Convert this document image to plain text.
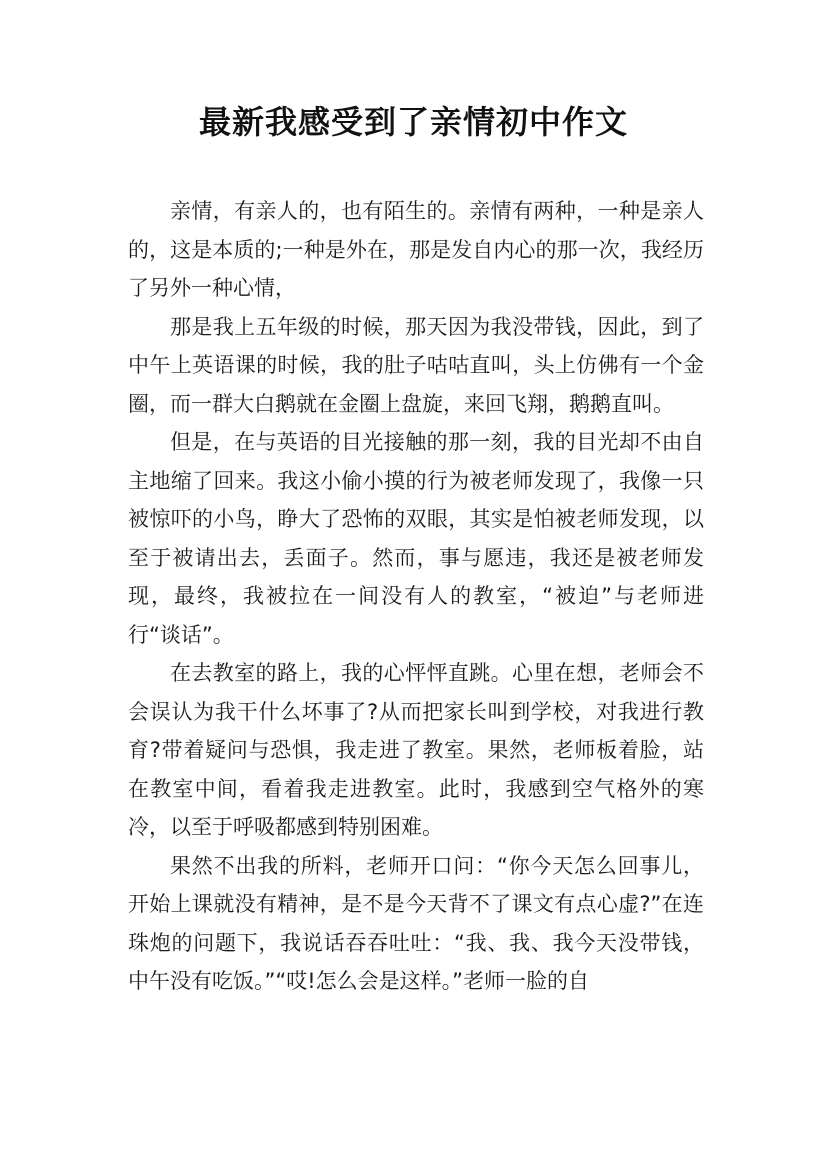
最新我感受到了亲情初中作文

亲情，有亲人的，也有陌生的。亲情有两种，一种是亲人的，这是本质的;一种是外在，那是发自内心的那一次，我经历了另外一种心情，

那是我上五年级的时候，那天因为我没带钱，因此，到了中午上英语课的时候，我的肚子咕咕直叫，头上仿佛有一个金圈，而一群大白鹅就在金圈上盘旋，来回飞翔，鹅鹅直叫。

但是，在与英语的目光接触的那一刻，我的目光却不由自主地缩了回来。我这小偷小摸的行为被老师发现了，我像一只被惊吓的小鸟，睁大了恐怖的双眼，其实是怕被老师发现，以至于被请出去，丢面子。然而，事与愿违，我还是被老师发现，最终，我被拉在一间没有人的教室，“被迫”与老师进行“谈话”。

在去教室的路上，我的心怦怦直跳。心里在想，老师会不会误认为我干什么坏事了?从而把家长叫到学校，对我进行教育?带着疑问与恐惧，我走进了教室。果然，老师板着脸，站在教室中间，看着我走进教室。此时，我感到空气格外的寒冷，以至于呼吸都感到特别困难。

果然不出我的所料，老师开口问：“你今天怎么回事儿，开始上课就没有精神，是不是今天背不了课文有点心虚?”在连珠炮的问题下，我说话吞吞吐吐：“我、我、我今天没带钱，中午没有吃饭。”“哎!怎么会是这样。”老师一脸的自
